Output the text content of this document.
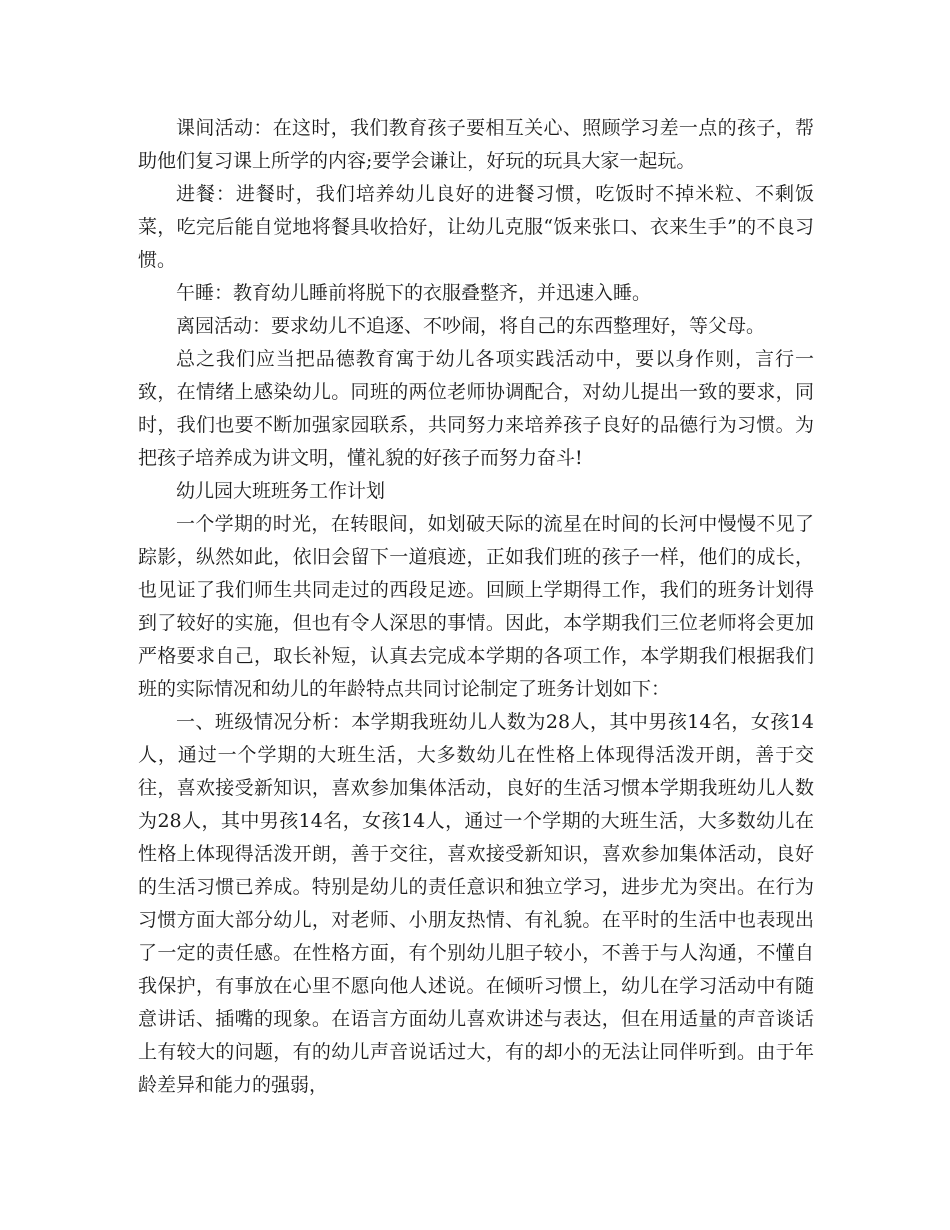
课间活动：在这时，我们教育孩子要相互关心、照顾学习差一点的孩子，帮助他们复习课上所学的内容;要学会谦让，好玩的玩具大家一起玩。

进餐：进餐时，我们培养幼儿良好的进餐习惯，吃饭时不掉米粒、不剩饭菜，吃完后能自觉地将餐具收拾好，让幼儿克服“饭来张口、衣来生手”的不良习惯。

午睡：教育幼儿睡前将脱下的衣服叠整齐，并迅速入睡。

离园活动：要求幼儿不追逐、不吵闹，将自己的东西整理好，等父母。

总之我们应当把品德教育寓于幼儿各项实践活动中，要以身作则，言行一致，在情绪上感染幼儿。同班的两位老师协调配合，对幼儿提出一致的要求，同时，我们也要不断加强家园联系，共同努力来培养孩子良好的品德行为习惯。为把孩子培养成为讲文明，懂礼貌的好孩子而努力奋斗!

幼儿园大班班务工作计划

一个学期的时光，在转眼间，如划破天际的流星在时间的长河中慢慢不见了踪影，纵然如此，依旧会留下一道痕迹，正如我们班的孩子一样，他们的成长，也见证了我们师生共同走过的西段足迹。回顾上学期得工作，我们的班务计划得到了较好的实施，但也有令人深思的事情。因此，本学期我们三位老师将会更加严格要求自己，取长补短，认真去完成本学期的各项工作，本学期我们根据我们班的实际情况和幼儿的年龄特点共同讨论制定了班务计划如下：

一、班级情况分析：本学期我班幼儿人数为28人，其中男孩14名，女孩14人，通过一个学期的大班生活，大多数幼儿在性格上体现得活泼开朗，善于交往，喜欢接受新知识，喜欢参加集体活动，良好的生活习惯本学期我班幼儿人数为28人，其中男孩14名，女孩14人，通过一个学期的大班生活，大多数幼儿在性格上体现得活泼开朗，善于交往，喜欢接受新知识，喜欢参加集体活动，良好的生活习惯已养成。特别是幼儿的责任意识和独立学习，进步尤为突出。在行为习惯方面大部分幼儿，对老师、小朋友热情、有礼貌。在平时的生活中也表现出了一定的责任感。在性格方面，有个别幼儿胆子较小，不善于与人沟通，不懂自我保护，有事放在心里不愿向他人述说。在倾听习惯上，幼儿在学习活动中有随意讲话、插嘴的现象。在语言方面幼儿喜欢讲述与表达，但在用适量的声音谈话上有较大的问题，有的幼儿声音说话过大，有的却小的无法让同伴听到。由于年龄差异和能力的强弱，
